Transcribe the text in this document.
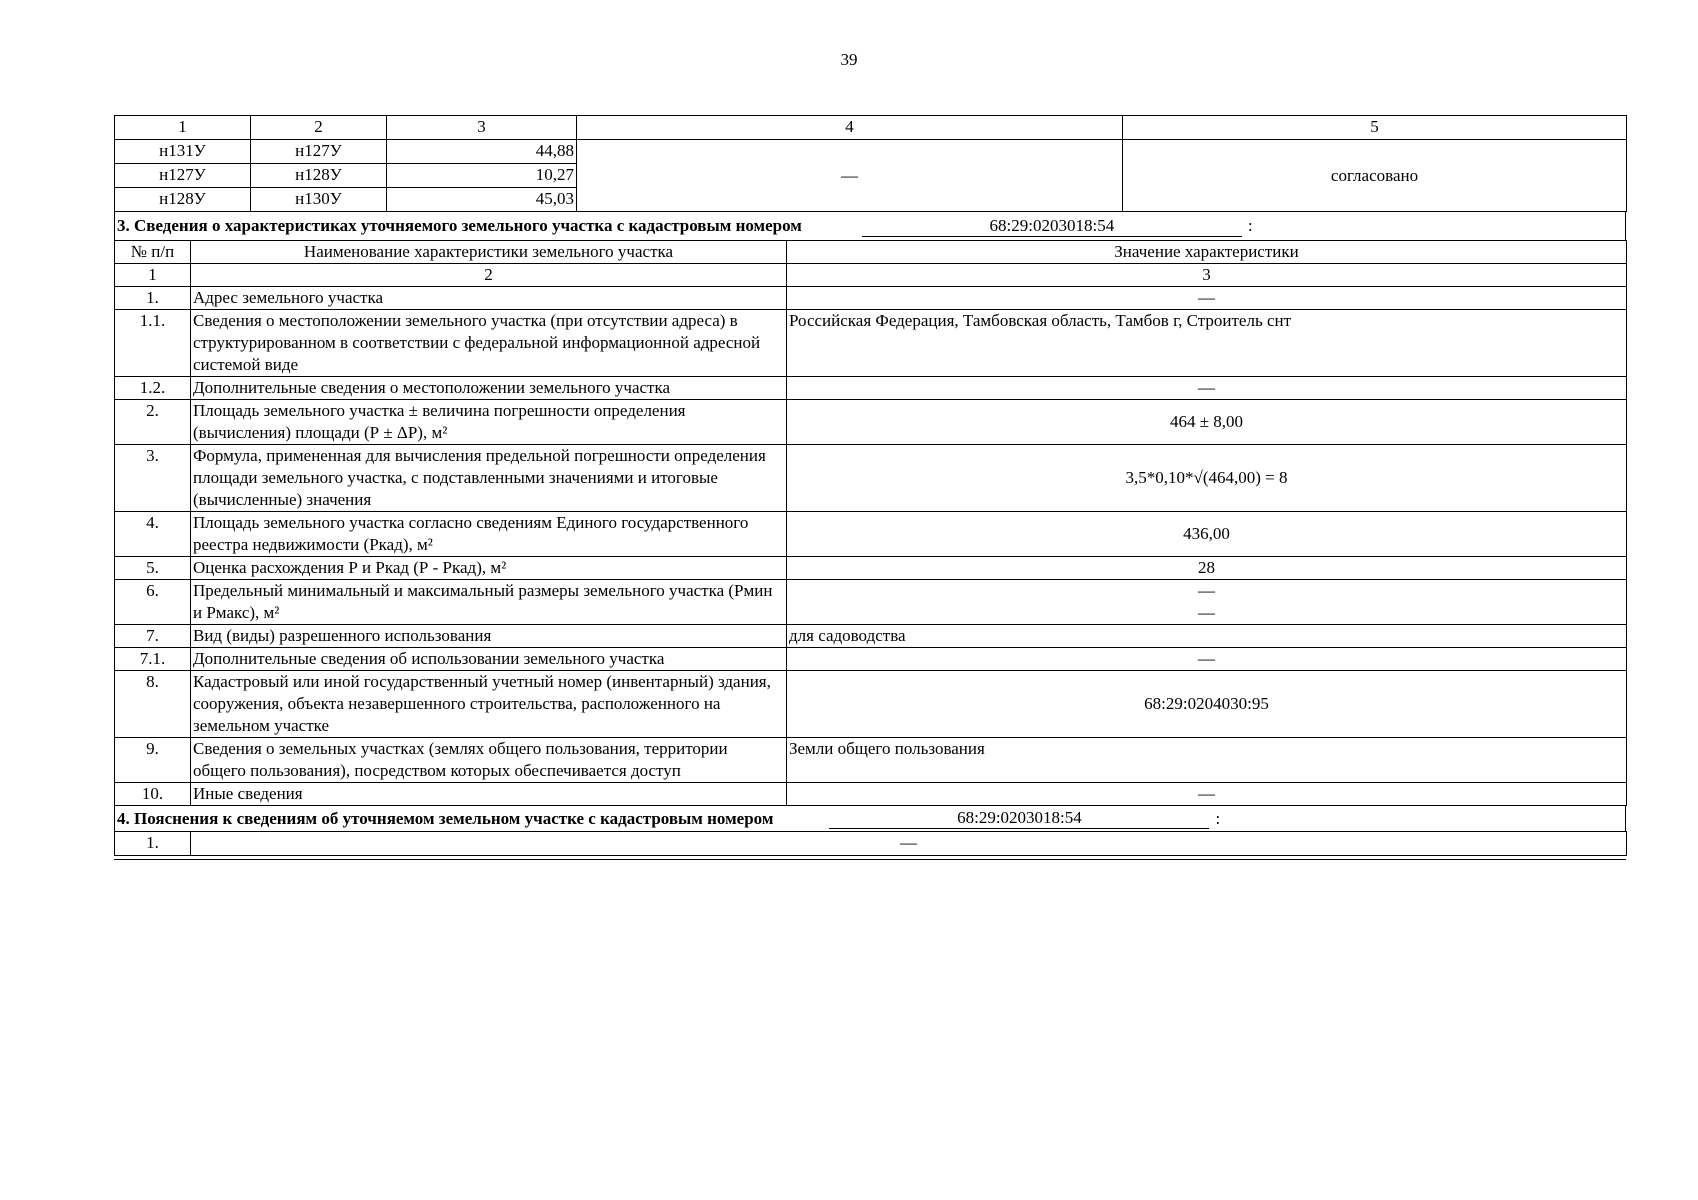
39
1	2	3	4	5
н131У	н127У	44,88	—	согласовано
н127У	н128У	10,27		
н128У	н130У	45,03		
3. Сведения о характеристиках уточняемого земельного участка с кадастровым номером	68:29:0203018:54	:
№ п/п	Наименование характеристики земельного участка	Значение характеристики
1	2	3
1.	Адрес земельного участка	—
1.1.	Сведения о местоположении земельного участка (при отсутствии адреса) в структурированном в соответствии с федеральной информационной адресной системой виде	Российская Федерация, Тамбовская область, Тамбов г, Строитель снт
1.2.	Дополнительные сведения о местоположении земельного участка	—
2.	Площадь земельного участка ± величина погрешности определения (вычисления) площади (Р ± ΔР), м²	464 ± 8,00
3.	Формула, примененная для вычисления предельной погрешности определения площади земельного участка, с подставленными значениями и итоговые (вычисленные) значения	3,5*0,10*√(464,00) = 8
4.	Площадь земельного участка согласно сведениям Единого государственного реестра недвижимости (Ркад), м²	436,00
5.	Оценка расхождения Р и Ркад (Р - Ркад), м²	28
6.	Предельный минимальный и максимальный размеры земельного участка (Рмин и Рмакс), м²	—
—

7.	Вид (виды) разрешенного использования	для садоводства
7.1.	Дополнительные сведения об использовании земельного участка	—
8.	Кадастровый или иной государственный учетный номер (инвентарный) здания, сооружения, объекта незавершенного строительства, расположенного на земельном участке	68:29:0204030:95
9.	Сведения о земельных участках (землях общего пользования, территории общего пользования), посредством которых обеспечивается доступ	Земли общего пользования
10.	Иные сведения	—
4. Пояснения к сведениям об уточняемом земельном участке с кадастровым номером	68:29:0203018:54	:
1.	—
